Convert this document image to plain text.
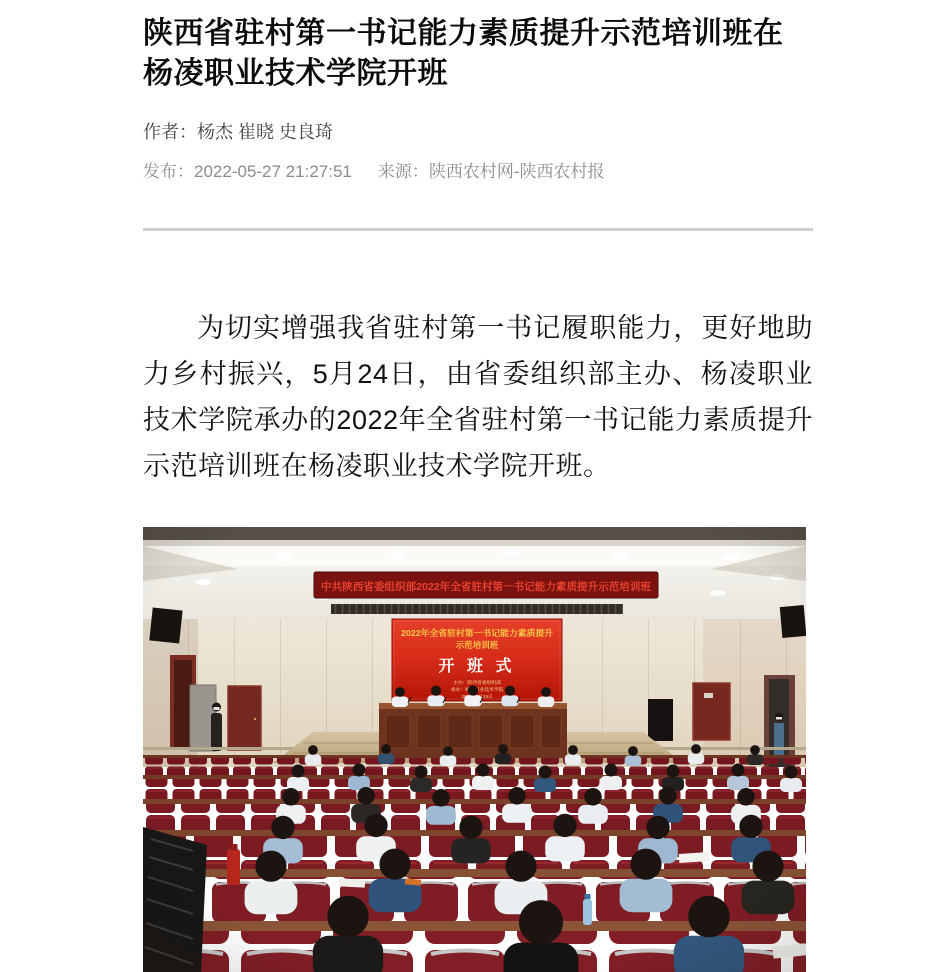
陕西省驻村第一书记能力素质提升示范培训班在杨凌职业技术学院开班
作者：杨杰 崔晓 史良琦
发布：2022-05-27 21:27:51 来源：陕西农村网-陕西农村报

为切实增强我省驻村第一书记履职能力，更好地助力乡村振兴，5月24日，由省委组织部主办、杨凌职业技术学院承办的2022年全省驻村第一书记能力素质提升示范培训班在杨凌职业技术学院开班。
